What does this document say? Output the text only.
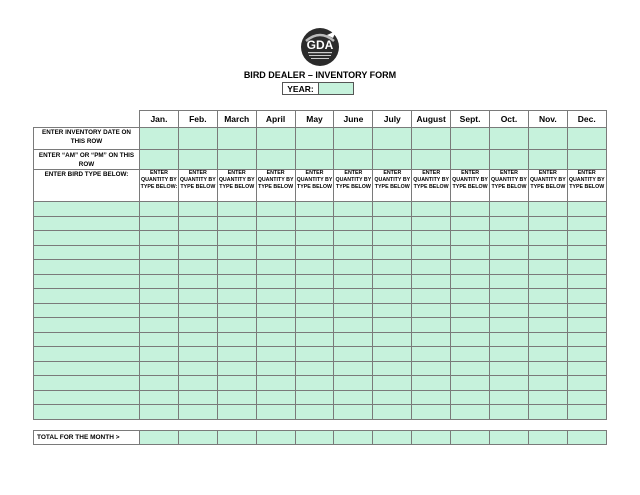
GDA
BIRD DEALER – INVENTORY FORM
YEAR:
	Jan.	Feb.	March	April	May	June	July	August	Sept.	Oct.	Nov.	Dec.
ENTER INVENTORY DATE ON THIS ROW												
ENTER “AM” OR “PM” ON THIS ROW												
ENTER BIRD TYPE BELOW:	ENTER QUANTITY BY TYPE BELOW:	ENTER QUANTITY BY TYPE BELOW	ENTER QUANTITY BY TYPE BELOW	ENTER QUANTITY BY TYPE BELOW	ENTER QUANTITY BY TYPE BELOW	ENTER QUANTITY BY TYPE BELOW	ENTER QUANTITY BY TYPE BELOW	ENTER QUANTITY BY TYPE BELOW	ENTER QUANTITY BY TYPE BELOW	ENTER QUANTITY BY TYPE BELOW	ENTER QUANTITY BY TYPE BELOW	ENTER QUANTITY BY TYPE BELOW

TOTAL FOR THE MONTH >												
